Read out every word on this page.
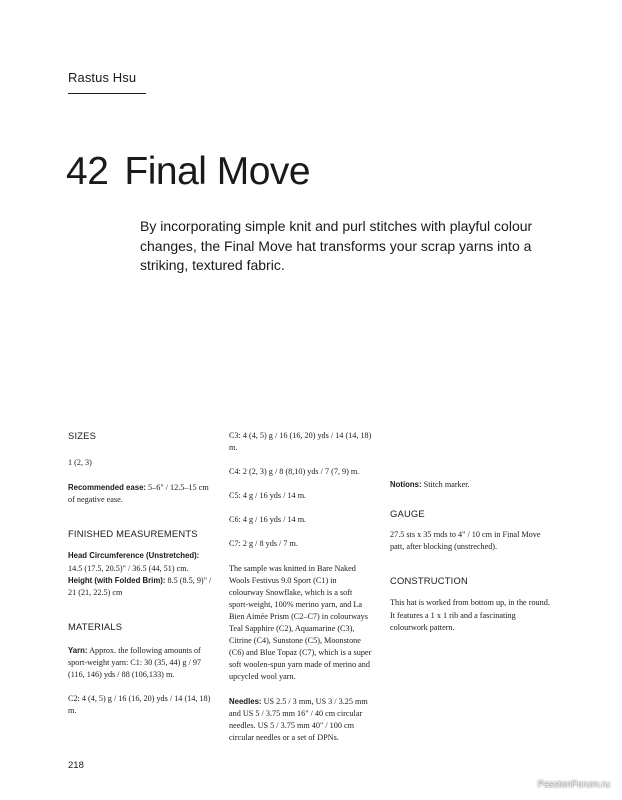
Rastus Hsu
42 Final Move
By incorporating simple knit and purl stitches with playful colour changes, the Final Move hat transforms your scrap yarns into a striking, textured fabric.

SIZES

1 (2, 3)

Recommended ease: 5–6" / 12.5–15 cm of negative ease.

FINISHED MEASUREMENTS

Head Circumference (Unstretched): 14.5 (17.5, 20.5)" / 36.5 (44, 51) cm.

Height (with Folded Brim): 8.5 (8.5, 9)" / 21 (21, 22.5) cm

MATERIALS

Yarn: Approx. the following amounts of sport-weight yarn: C1: 30 (35, 44) g / 97 (116, 146) yds / 88 (106,133) m.

C2: 4 (4, 5) g / 16 (16, 20) yds / 14 (14, 18) m.

C3: 4 (4, 5) g / 16 (16, 20) yds / 14 (14, 18) m.

C4: 2 (2, 3) g / 8 (8,10) yds / 7 (7, 9) m.

C5: 4 g / 16 yds / 14 m.

C6: 4 g / 16 yds / 14 m.

C7: 2 g / 8 yds / 7 m.

The sample was knitted in Bare Naked Wools Festivus 9.0 Sport (C1) in colourway Snowflake, which is a soft sport-weight, 100% merino yarn, and La Bien Aimée Prism (C2–C7) in colourways Teal Sapphire (C2), Aquamarine (C3), Citrine (C4), Sunstone (C5), Moonstone (C6) and Blue Topaz (C7), which is a super soft woolen-spun yarn made of merino and upcycled wool yarn.

Needles: US 2.5 / 3 mm, US 3 / 3.25 mm and US 5 / 3.75 mm 16" / 40 cm circular needles. US 5 / 3.75 mm 40" / 100 cm circular needles or a set of DPNs.

Notions: Stitch marker.

GAUGE

27.5 sts x 35 rnds to 4" / 10 cm in Final Move patt, after blocking (unstreched).

CONSTRUCTION

This hat is worked from bottom up, in the round. It features a 1 x 1 rib and a fascinating colourwork pattern.

218
PassionForum.ru
